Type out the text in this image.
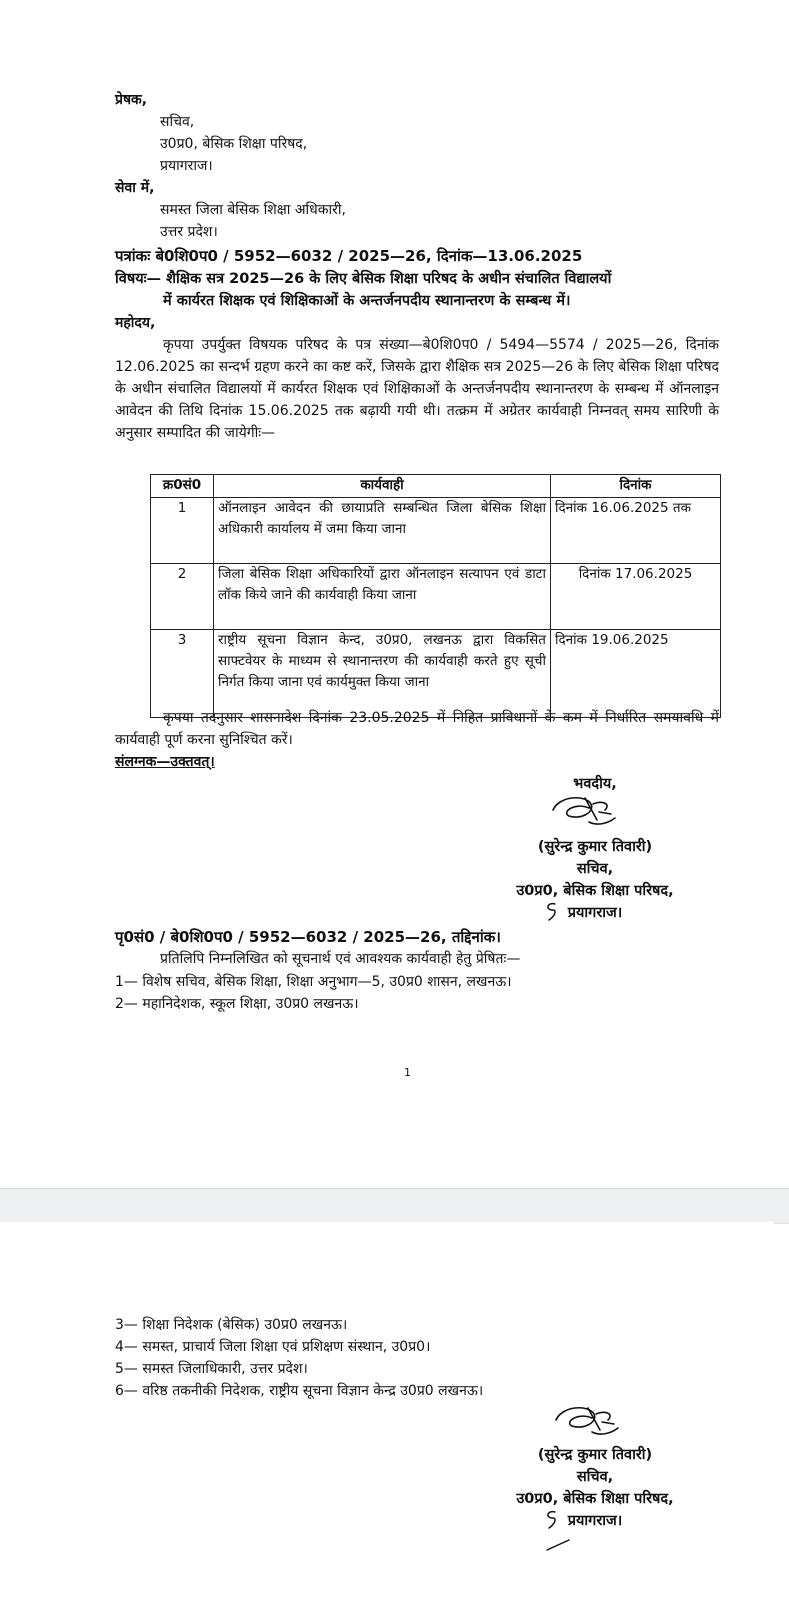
प्रेषक,
सचिव,
उ0प्र0, बेसिक शिक्षा परिषद,
प्रयागराज।
सेवा में,
समस्त जिला बेसिक शिक्षा अधिकारी,
उत्तर प्रदेश।
पत्रांकः बे0शि0प0 / 5952—6032 / 2025—26, दिनांक—13.06.2025
विषयः— शैक्षिक सत्र 2025—26 के लिए बेसिक शिक्षा परिषद के अधीन संचालित विद्यालयों
में कार्यरत शिक्षक एवं शिक्षिकाओं के अन्तर्जनपदीय स्थानान्तरण के सम्बन्ध में।
महोदय,
कृपया उपर्युक्त विषयक परिषद के पत्र संख्या—बे0शि0प0 / 5494—5574 / 2025—26, दिनांक 12.06.2025 का सन्दर्भ ग्रहण करने का कष्ट करें, जिसके द्वारा शैक्षिक सत्र 2025—26 के लिए बेसिक शिक्षा परिषद के अधीन संचालित विद्यालयों में कार्यरत शिक्षक एवं शिक्षिकाओं के अन्तर्जनपदीय स्थानान्तरण के सम्बन्ध में ऑनलाइन आवेदन की तिथि दिनांक 15.06.2025 तक बढ़ायी गयी थी। तत्क्रम में अग्रेतर कार्यवाही निम्नवत् समय सारिणी के अनुसार सम्पादित की जायेगीः—
क्र0सं0	कार्यवाही	दिनांक
1	ऑनलाइन आवेदन की छायाप्रति सम्बन्धित जिला बेसिक शिक्षा अधिकारी कार्यालय में जमा किया जाना	दिनांक 16.06.2025 तक
2	जिला बेसिक शिक्षा अधिकारियों द्वारा ऑनलाइन सत्यापन एवं डाटा लॉक किये जाने की कार्यवाही किया जाना	दिनांक 17.06.2025
3	राष्ट्रीय सूचना विज्ञान केन्द, उ0प्र0, लखनऊ द्वारा विकसित साफ्टवेयर के माध्यम से स्थानान्तरण की कार्यवाही करते हुए सूची निर्गत किया जाना एवं कार्यमुक्त किया जाना	दिनांक 19.06.2025
कृपया तदनुसार शासनादेश दिनांक 23.05.2025 में निहित प्राविधानों के कम में निर्धारित समयावधि में कार्यवाही पूर्ण करना सुनिश्चित करें।
संलग्नक—उक्तवत्।
भवदीय,
(सुरेन्द्र कुमार तिवारी)
सचिव,
उ0प्र0, बेसिक शिक्षा परिषद,
प्रयागराज।
पृ0सं0 / बे0शि0प0 / 5952—6032 / 2025—26, तद्दिनांक।
प्रतिलिपि निम्नलिखित को सूचनार्थ एवं आवश्यक कार्यवाही हेतु प्रेषितः—
1— विशेष सचिव, बेसिक शिक्षा, शिक्षा अनुभाग—5, उ0प्र0 शासन, लखनऊ।
2— महानिदेशक, स्कूल शिक्षा, उ0प्र0 लखनऊ।
1
3— शिक्षा निदेशक (बेसिक) उ0प्र0 लखनऊ।
4— समस्त, प्राचार्य जिला शिक्षा एवं प्रशिक्षण संस्थान, उ0प्र0।
5— समस्त जिलाधिकारी, उत्तर प्रदेश।
6— वरिष्ठ तकनीकी निदेशक, राष्ट्रीय सूचना विज्ञान केन्द्र उ0प्र0 लखनऊ।
(सुरेन्द्र कुमार तिवारी)
सचिव,
उ0प्र0, बेसिक शिक्षा परिषद,
प्रयागराज।
